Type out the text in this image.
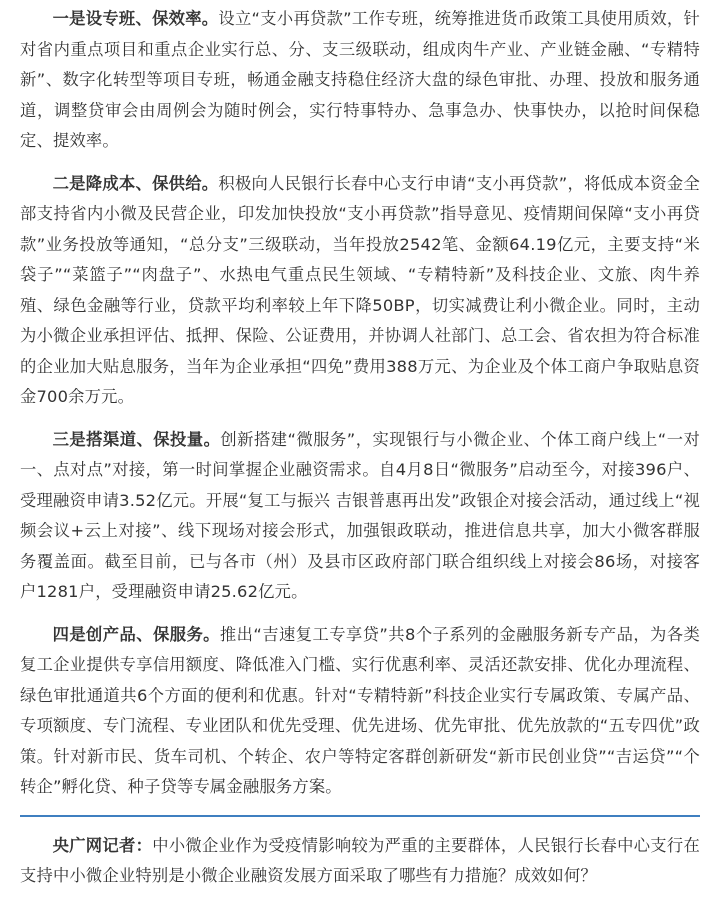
一是设专班、保效率。设立“支小再贷款”工作专班，统筹推进货币政策工具使用质效，针对省内重点项目和重点企业实行总、分、支三级联动，组成肉牛产业、产业链金融、“专精特新”、数字化转型等项目专班，畅通金融支持稳住经济大盘的绿色审批、办理、投放和服务通道，调整贷审会由周例会为随时例会，实行特事特办、急事急办、快事快办，以抢时间保稳定、提效率。

二是降成本、保供给。积极向人民银行长春中心支行申请“支小再贷款”，将低成本资金全部支持省内小微及民营企业，印发加快投放“支小再贷款”指导意见、疫情期间保障“支小再贷款”业务投放等通知，“总分支”三级联动，当年投放2542笔、金额64.19亿元，主要支持“米袋子”“菜篮子”“肉盘子”、水热电气重点民生领域、“专精特新”及科技企业、文旅、肉牛养殖、绿色金融等行业，贷款平均利率较上年下降50BP，切实减费让利小微企业。同时，主动为小微企业承担评估、抵押、保险、公证费用，并协调人社部门、总工会、省农担为符合标准的企业加大贴息服务，当年为企业承担“四免”费用388万元、为企业及个体工商户争取贴息资金700余万元。

三是搭渠道、保投量。创新搭建“微服务”，实现银行与小微企业、个体工商户线上“一对一、点对点”对接，第一时间掌握企业融资需求。自4月8日“微服务”启动至今，对接396户、受理融资申请3.52亿元。开展“复工与振兴 吉银普惠再出发”政银企对接会活动，通过线上“视频会议+云上对接”、线下现场对接会形式，加强银政联动，推进信息共享，加大小微客群服务覆盖面。截至目前，已与各市（州）及县市区政府部门联合组织线上对接会86场，对接客户1281户，受理融资申请25.62亿元。

四是创产品、保服务。推出“吉速复工专享贷”共8个子系列的金融服务新专产品，为各类复工企业提供专享信用额度、降低准入门槛、实行优惠利率、灵活还款安排、优化办理流程、绿色审批通道共6个方面的便利和优惠。针对“专精特新”科技企业实行专属政策、专属产品、专项额度、专门流程、专业团队和优先受理、优先进场、优先审批、优先放款的“五专四优”政策。针对新市民、货车司机、个转企、农户等特定客群创新研发“新市民创业贷”“吉运贷”“个转企”孵化贷、种子贷等专属金融服务方案。

央广网记者：中小微企业作为受疫情影响较为严重的主要群体，人民银行长春中心支行在支持中小微企业特别是小微企业融资发展方面采取了哪些有力措施？成效如何？
